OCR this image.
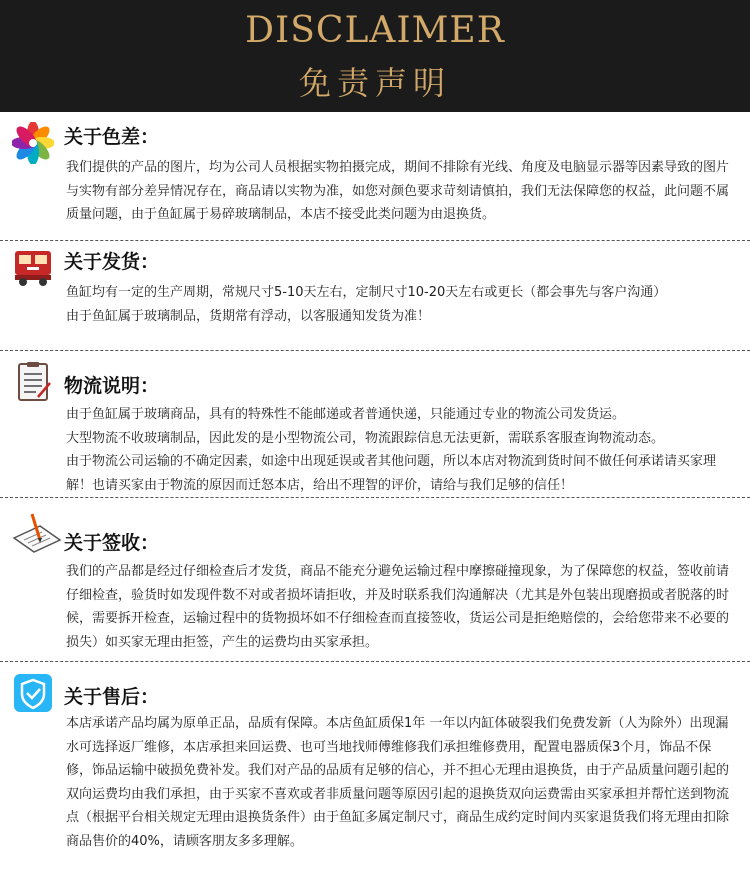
DISCLAIMER
免责声明
关于色差：

我们提供的产品的图片，均为公司人员根据实物拍摄完成，期间不排除有光线、角度及电脑显示器等因素导致的图片与实物有部分差异情况存在，商品请以实物为准，如您对颜色要求苛刻请慎拍，我们无法保障您的权益，此问题不属质量问题，由于鱼缸属于易碎玻璃制品，本店不接受此类问题为由退换货。

关于发货：

鱼缸均有一定的生产周期，常规尺寸5-10天左右，定制尺寸10-20天左右或更长（都会事先与客户沟通）

由于鱼缸属于玻璃制品，货期常有浮动，以客服通知发货为准！

物流说明：

由于鱼缸属于玻璃商品，具有的特殊性不能邮递或者普通快递，只能通过专业的物流公司发货运。

大型物流不收玻璃制品，因此发的是小型物流公司，物流跟踪信息无法更新，需联系客服查询物流动态。

由于物流公司运输的不确定因素，如途中出现延误或者其他问题，所以本店对物流到货时间不做任何承诺请买家理解！也请买家由于物流的原因而迁怒本店，给出不理智的评价，请给与我们足够的信任！

关于签收：

我们的产品都是经过仔细检查后才发货，商品不能充分避免运输过程中摩擦碰撞现象，为了保障您的权益，签收前请仔细检查，验货时如发现件数不对或者损坏请拒收，并及时联系我们沟通解决（尤其是外包装出现磨损或者脱落的时候，需要拆开检查，运输过程中的货物损坏如不仔细检查而直接签收，货运公司是拒绝赔偿的，会给您带来不必要的损失）如买家无理由拒签，产生的运费均由买家承担。

关于售后：

本店承诺产品均属为原单正品，品质有保障。本店鱼缸质保1年 一年以内缸体破裂我们免费发新（人为除外）出现漏水可选择返厂维修，本店承担来回运费、也可当地找师傅维修我们承担维修费用，配置电器质保3个月，饰品不保修，饰品运输中破损免费补发。我们对产品的品质有足够的信心，并不担心无理由退换货，由于产品质量问题引起的双向运费均由我们承担，由于买家不喜欢或者非质量问题等原因引起的退换货双向运费需由买家承担并帮忙送到物流点（根据平台相关规定无理由退换货条件）由于鱼缸多属定制尺寸，商品生成约定时间内买家退货我们将无理由扣除商品售价的40%，请顾客朋友多多理解。
